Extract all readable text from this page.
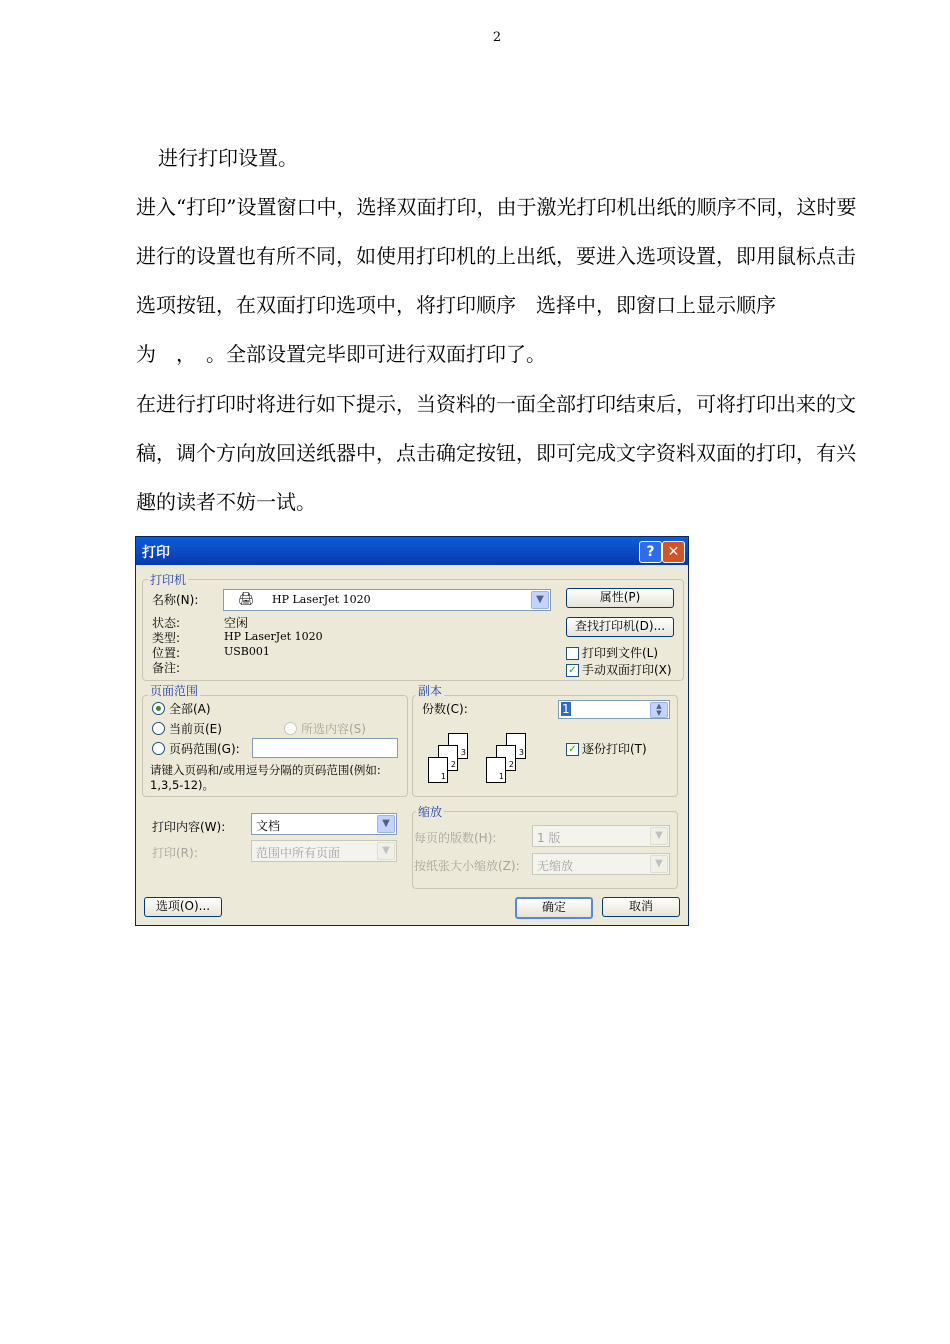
2

进行打印设置。

进入“打印”设置窗口中，选择双面打印，由于激光打印机出纸的顺序不同，这时要进行的设置也有所不同，如使用打印机的上出纸，要进入选项设置，即用鼠标点击选项按钮，在双面打印选项中，将打印顺序　选择中，即窗口上显示顺序为　，　。全部设置完毕即可进行双面打印了。

在进行打印时将进行如下提示，当资料的一面全部打印结束后，可将打印出来的文稿，调个方向放回送纸器中，点击确定按钮，即可完成文字资料双面的打印，有兴趣的读者不妨一试。

打印	? ✕
打印机
名称(N):	🖨 HP LaserJet 1020	▼	属性(P)
状态:	空闲
类型:	HP LaserJet 1020
位置:	USB001
备注:
查找打印机(D)...
打印到文件(L)
✓ 手动双面打印(X)
页面范围
全部(A)
当前页(E)	所选内容(S)
页码范围(G):
请键入页码和/或用逗号分隔的页码范围(例如: 1,3,5-12)。
副本
份数(C):	1	▲
▼
3
2
1
3
2
1
✓ 逐份打印(T)
打印内容(W):	文档	▼
打印(R):	范围中所有页面	▼
缩放
每页的版数(H):	1 版	▼
按纸张大小缩放(Z): 无缩放	▼
选项(O)...	确定	取消
